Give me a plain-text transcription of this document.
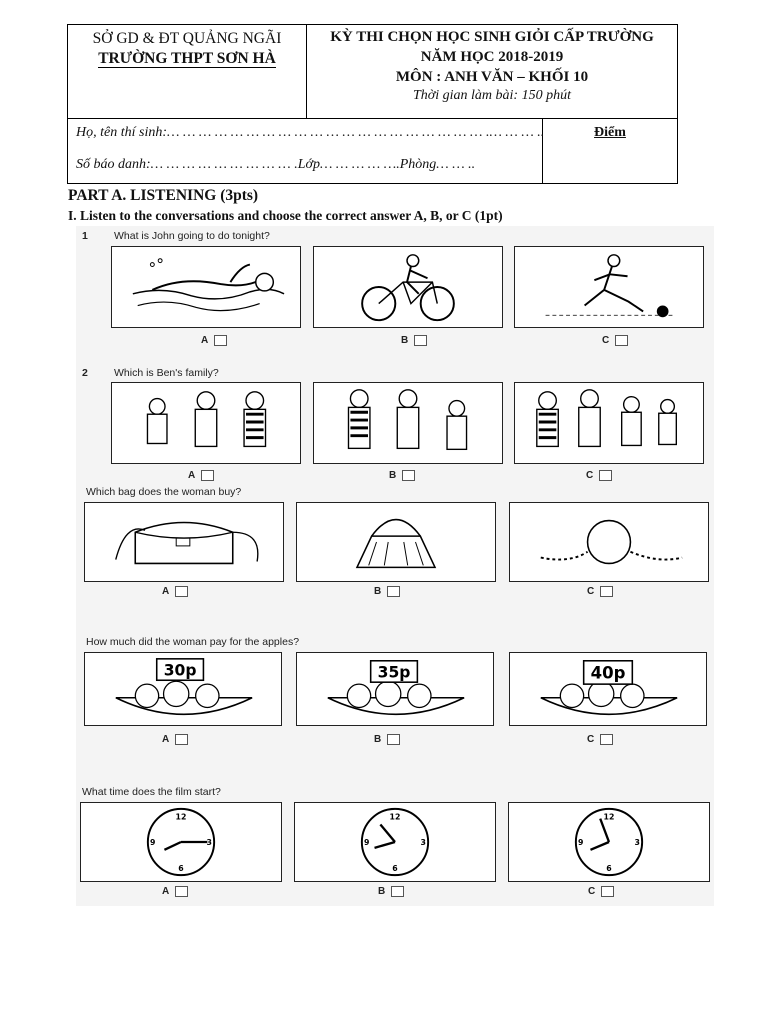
SỞ GD & ĐT QUẢNG NGÃI
TRƯỜNG THPT SƠN HÀ
KỲ THI CHỌN HỌC SINH GIỎI CẤP TRƯỜNG
NĂM HỌC 2018-2019
MÔN : ANH VĂN – KHỐI 10
Thời gian làm bài: 150 phút
Họ, tên thí sinh:… … … … … … … … … … … … … … … … … … … … .… … … ..
Số báo danh:… … … … … … … … … .Lớp… … … … ….Phòng… … ..
Điểm
PART A. LISTENING (3pts)
I. Listen to the conversations and choose the correct answer A, B, or C (1pt)
1 What is John going to do tonight?
A	B	C
2 Which is Ben's family?
A	B	C
Which bag does the woman buy?
A	B	C
How much did the woman pay for the apples?
30p	35p	40p
A	B	C
What time does the film start?
12
3
6
9
12
3
6
9
12
3
6
9
A	B	C
